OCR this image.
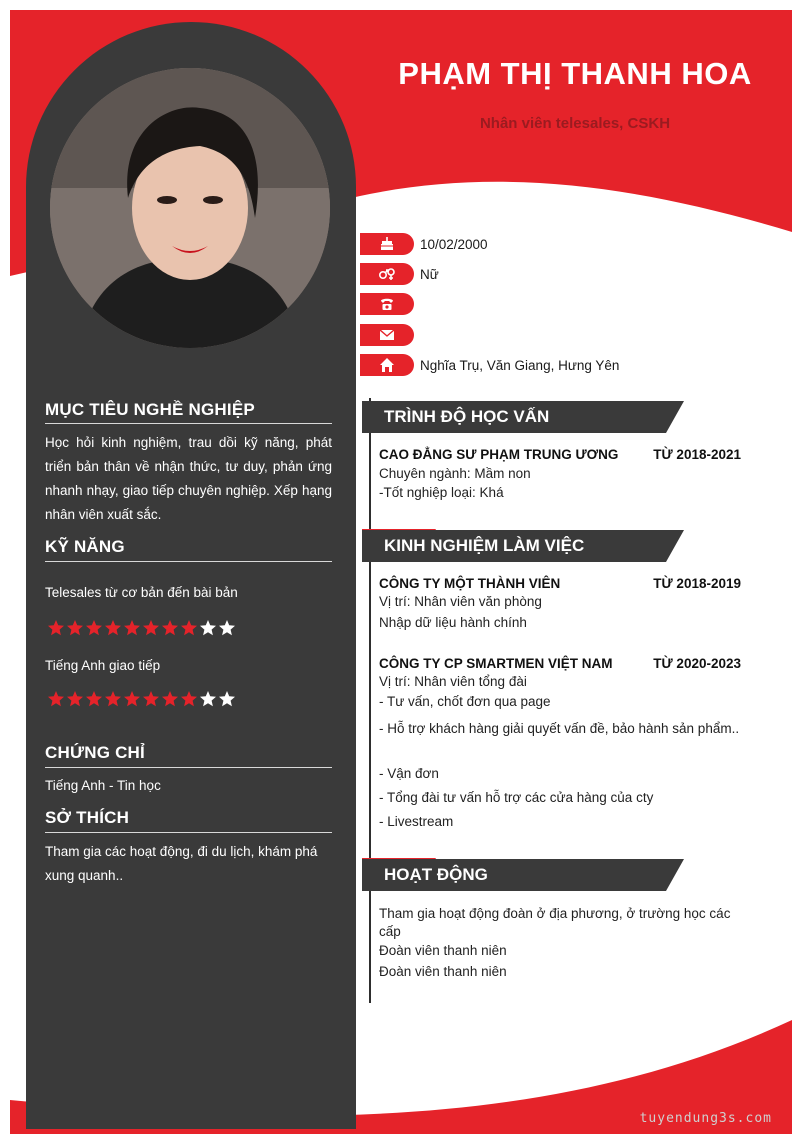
MỤC TIÊU NGHỀ NGHIỆP
Học hỏi kinh nghiệm, trau dồi kỹ năng, phát triển bản thân về nhận thức, tư duy, phản ứng nhanh nhạy, giao tiếp chuyên nghiệp. Xếp hạng nhân viên xuất sắc.
KỸ NĂNG
Telesales từ cơ bản đến bài bản
Tiếng Anh giao tiếp
CHỨNG CHỈ
Tiếng Anh - Tin học
SỞ THÍCH
Tham gia các hoạt động, đi du lịch, khám phá xung quanh..
PHẠM THỊ THANH HOA
Nhân viên telesales, CSKH
10/02/2000
Nữ
Nghĩa Trụ, Văn Giang, Hưng Yên
TRÌNH ĐỘ HỌC VẤN
CAO ĐẲNG SƯ PHẠM TRUNG ƯƠNG	TỪ 2018-2021
Chuyên ngành: Mầm non
-Tốt nghiệp loại: Khá
KINH NGHIỆM LÀM VIỆC
CÔNG TY MỘT THÀNH VIÊN	TỪ 2018-2019
Vị trí: Nhân viên văn phòng
Nhập dữ liệu hành chính
CÔNG TY CP SMARTMEN VIỆT NAM	TỪ 2020-2023
Vị trí: Nhân viên tổng đài
- Tư vấn, chốt đơn qua page
- Hỗ trợ khách hàng giải quyết vấn đề, bảo hành sản phẩm..
- Vận đơn
- Tổng đài tư vấn hỗ trợ các cửa hàng của cty
- Livestream
HOẠT ĐỘNG
Tham gia hoạt động đoàn ở địa phương, ở trường học các cấp
Đoàn viên thanh niên
Đoàn viên thanh niên
tuyendung3s.com
